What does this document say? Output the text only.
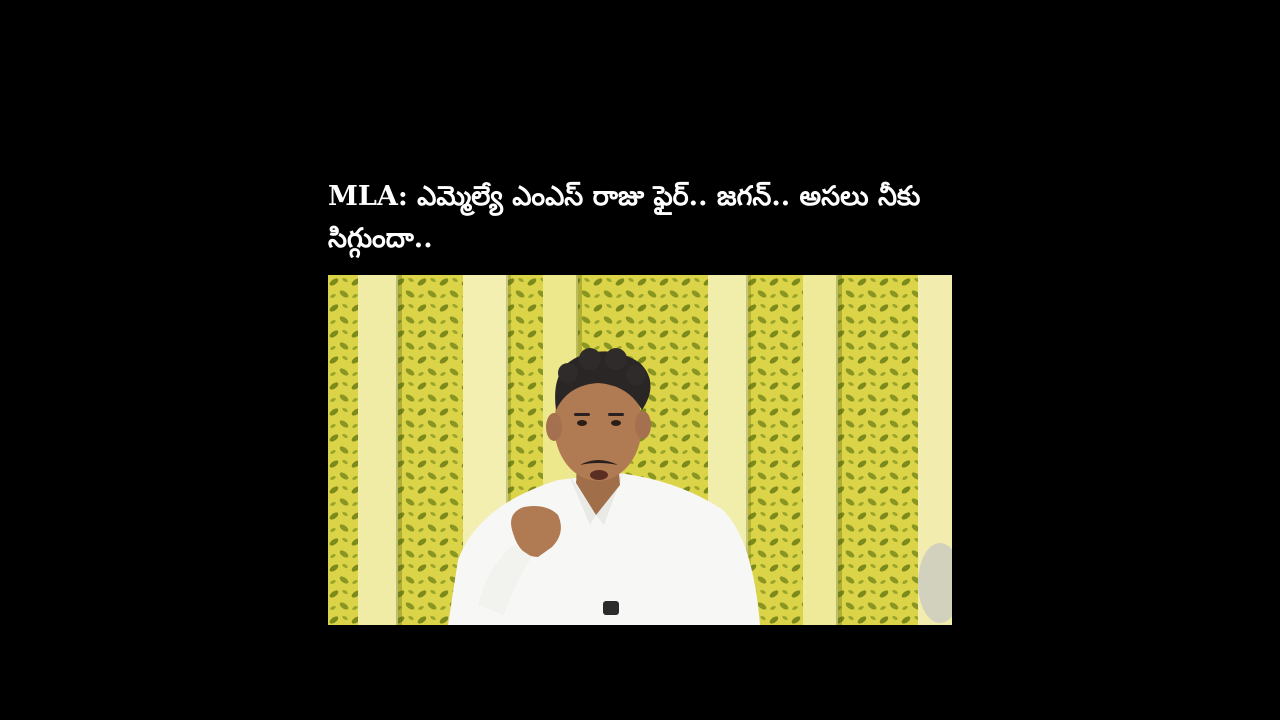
MLA: ఎమ్మెల్యే ఎంఎస్ రాజు ఫైర్.. జగన్.. అసలు నీకు సిగ్గుందా..
